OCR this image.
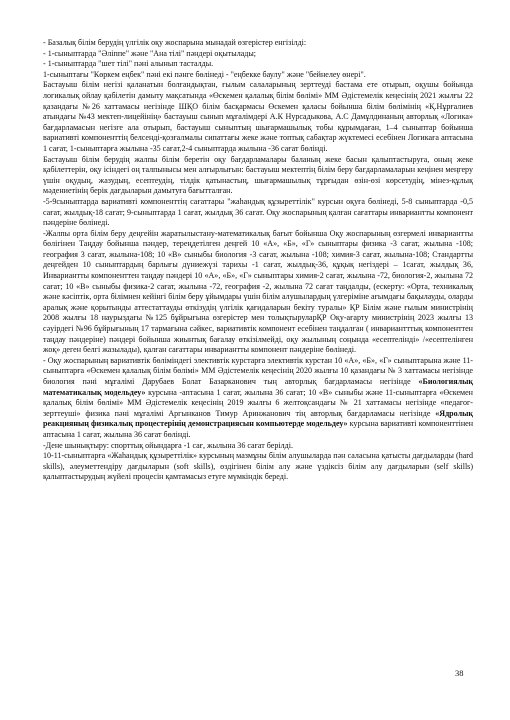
- Базалық білім берудің үлгілік оқу жоспарына мынадай өзгерістер енгізілді:

- 1-сыныптарда "Әліппе" және "Ана тілі" пәндері оқытылады;

- 1-сыныптарда "шет тілі" пәні алынып тасталды.

1-сыныптағы "Көркем еңбек" пәні екі пәнге бөлінеді - "еңбекке баулу" және "бейнелеу өнері".

Бастауыш білім негізі қаланатын болғандықтан, ғылым салаларының зерттеуді бастама ете отырып, оқушы бойында логикалық ойлау қабілетін дамыту мақсатында «Өскемен қалалық білім бөлімі» ММ Әдістемелік кеңесінің 2021 жылғы 22 қазандағы №26 хаттамасы негізінде ШҚО білім басқармасы Өскемен қаласы бойынша білім бөлімінің «Қ.Нұрғалиев атындағы №43 мектеп-лицейінің» бастауыш сынып мұғалімдері А.К Нурсадыкова, А.С Дамұлдинаның авторлық «Логика» бағдарламасын негізге ала отырып, бастауыш сыныптың шығармашылық тобы құрымдаған, 1–4 сыныптар бойынша вариативті компоненттің белсенді-қозғалмалы сипаттағы жеке және топтық сабақтар жүктемесі есебінен Логикаға аптасына 1 сағат, 1-сыныптарға жылына -35 сағат,2-4 сыныптарда жылына -36 сағат бөлінді.

Бастауыш білім берудің жалпы білім беретін оқу бағдарламалары баланың жеке басын қалыптастыруға, оның жеке қабілеттерін, оқу ісіндегі оң талпынысы мен алғырлығын: бастауыш мектептің білім беру бағдарламаларын кеңінен меңгеру үшін оқудың, жазудың, есептеудің, тілдік қатынастың, шығармашылық тұрғыдан өзін-өзі көрсетудің, мінез-құлық мәдениетінің берік дағдыларын дамытуға бағытталған.

-5-9сыныптарда вариативті компоненттің сағаттары "жаһандық құзыреттілік" курсын оқуға бөлінеді, 5-8 сыныптарда -0,5 сағат, жылдық-18 сағат; 9-сыныптарда 1 сағат, жылдық 36 сағат. Оқу жоспарының қалған сағаттары инвариантты компонент пәндеріне бөлінеді.

-Жалпы орта білім беру деңгейін жаратылыстану-математикалық бағыт бойынша Оқу жоспарының өзгермелі инвариантты бөлігінен Таңдау бойынша пәндер, тереңдетілген деңгей 10 «А», «Б», «Г» сыныптары физика -3 сағат, жылына -108; география 3 сағат, жылына-108; 10 «В» сыныбы биология -3 сағат, жылына -108; химия-3 сағат, жылына-108; Стандартты деңгейден 10 сыныптардың барлығы дүниежүзі тарихы -1 сағат, жылдық-36, құқық негіздері – 1сағат, жылдық 36, Инвариантты компоненттен таңдау пәндері 10 «А», «Б», «Г» сыныптары химия-2 сағат, жылына -72, биология-2, жылына 72 сағат; 10 «В» сыныбы физика-2 сағат, жылына -72, география -2, жылына 72 сағат таңдалды, (ескерту: «Орта, техникалық және кәсіптік, орта білімнен кейінгі білім беру ұйымдары үшін білім алушылардың үлгеріміне ағымдағы бақылауды, оларды аралық және қорытынды аттестаттауды өткізудің үлгілік қағидаларын бекіту туралы» ҚР Білім және ғылым министрінің 2008 жылғы 18 наурыздағы №125 бұйрығына өзгерістер мен толықтыруларҚР Оқу-ағарту министрінің 2023 жылғы 13 сәуірдегі №96 бұйрығының 17 тармағына сәйкес, вариативтік компонент есебінен таңдалған ( инвариантттық компоненттен таңдау пәндеріне) пәндері бойынша жиынтық бағалау өткізілмейді, оқу жылының соңында «есептелінді» /«есептелінген жоқ» деген белгі жазылады), қалған сағаттары инвариантты компонент пәндеріне бөлінеді.

- Оқу жоспарының вариативтік бөліміндегі элективтік курстарға элективтік курстан 10 «А», «Б», «Г» сыныптарына және 11-сыныптарға «Өскемен қалалық білім бөлімі» ММ Әдістемелік кеңесінің 2020 жылғы 10 қазандағы № 3 хаттамасы негізінде биология пәні мұғалімі Дарубаев Болат Базарканович тың авторлық бағдарламасы негізінде «Биологиялық математикалық модельдеу» курсына -аптасына 1 сағат, жылына 36 сағат; 10 «В» сыныбы және 11-сыныптарға «Өскемен қалалық білім бөлімі» ММ Әдістемелік кеңесінің 2019 жылғы 6 желтоқсандағы № 21 хаттамасы негізінде «педагог-зерттеуші» физика пәні мұғалімі Аргынканов Тимур Аринжанович тің авторлық бағдарламасы негізінде «Ядролық реакцияның физикалық процестерінің демонстрациясын компьютерде модельдеу» курсына вариативті компоненттінен аптасына 1 сағат, жылына 36 сағат бөлінді.

-Дене шынықтыру: спорттық ойындарға -1 сағ, жылына 36 сағат берілді.

10-11-сыныптарға «Жаһандық құзыреттілік» курсының мазмұны білім алушыларда пән саласына қатысты дағдыларды (hard skills), әлеуметтендіру дағдыларын (soft skills), өздігінен білім алу және үздіксіз білім алу дағдыларын (self skills) қалыптастырудың жүйелі процесін қамтамасыз етуге мүмкіндік береді.

38
